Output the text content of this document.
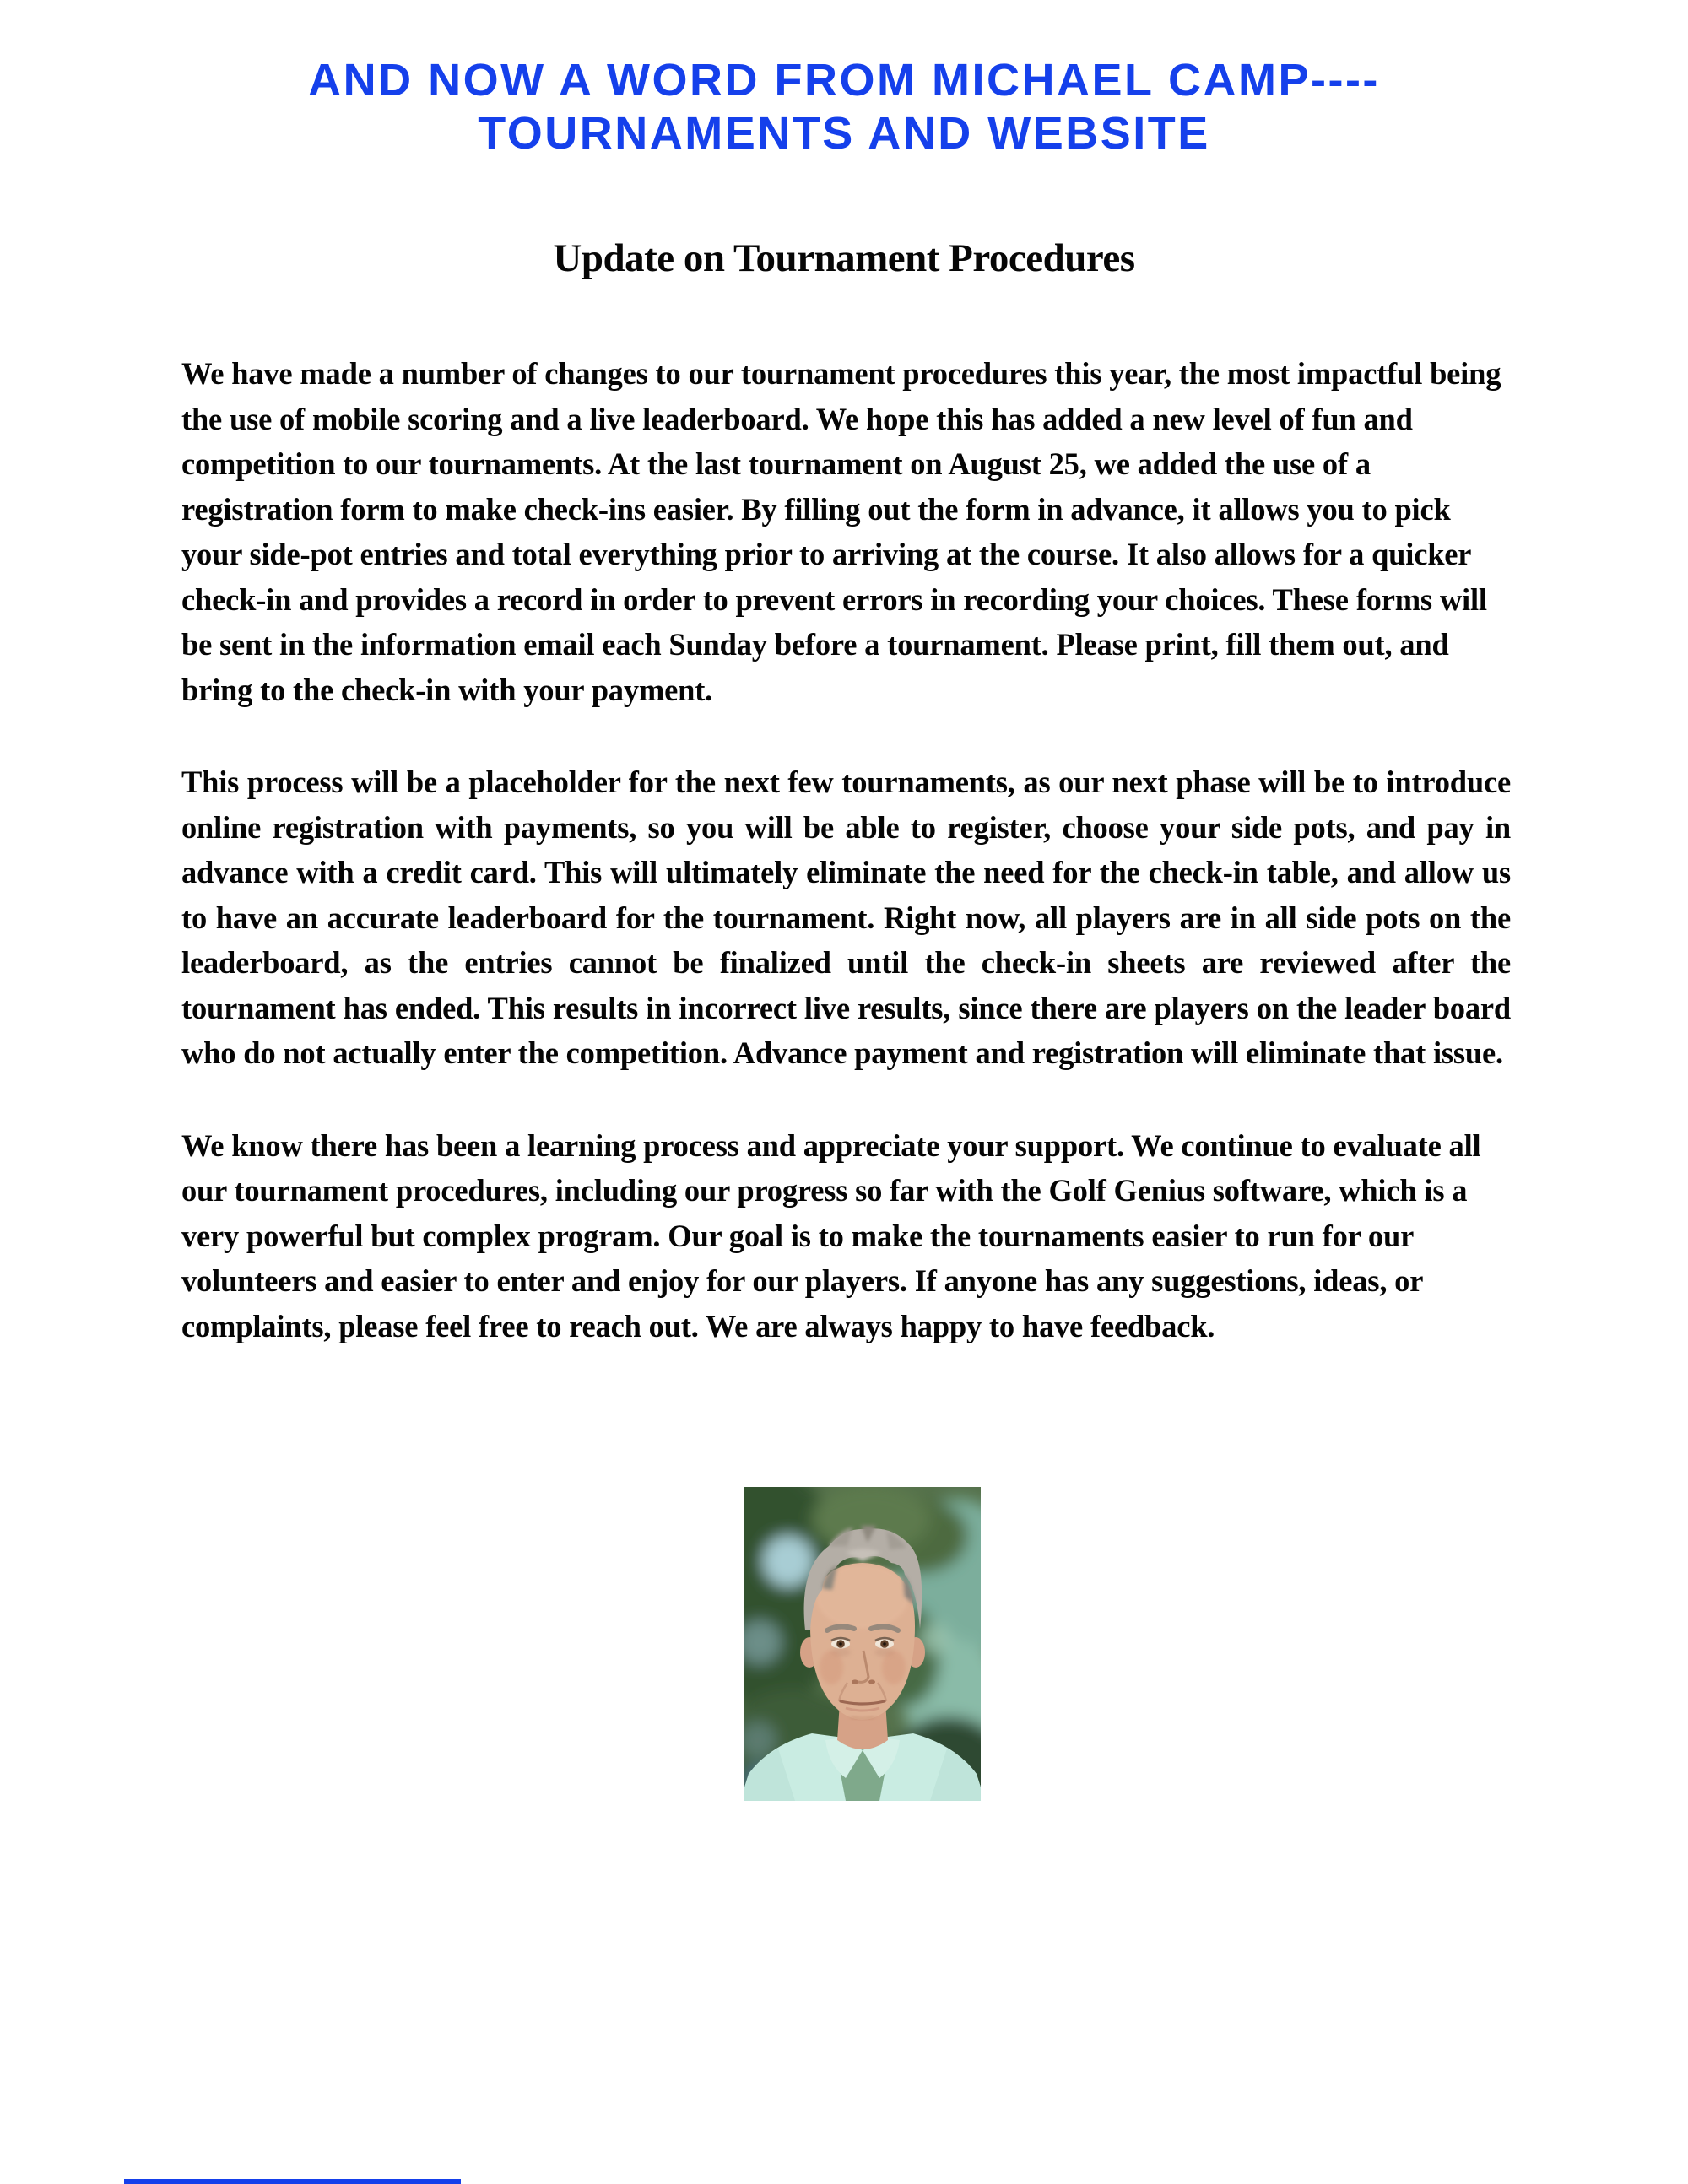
AND NOW A WORD FROM MICHAEL CAMP----
TOURNAMENTS AND WEBSITE
Update on Tournament Procedures

We have made a number of changes to our tournament procedures this year, the most impactful being the use of mobile scoring and a live leaderboard. We hope this has added a new level of fun and competition to our tournaments. At the last tournament on August 25, we added the use of a registration form to make check-ins easier. By filling out the form in advance, it allows you to pick your side-pot entries and total everything prior to arriving at the course. It also allows for a quicker check-in and provides a record in order to prevent errors in recording your choices. These forms will be sent in the information email each Sunday before a tournament. Please print, fill them out, and bring to the check-in with your payment.

This process will be a placeholder for the next few tournaments, as our next phase will be to introduce online registration with payments, so you will be able to register, choose your side pots, and pay in advance with a credit card. This will ultimately eliminate the need for the check-in table, and allow us to have an accurate leaderboard for the tournament. Right now, all players are in all side pots on the leaderboard, as the entries cannot be finalized until the check-in sheets are reviewed after the tournament has ended. This results in incorrect live results, since there are players on the leader board who do not actually enter the competition. Advance payment and registration will eliminate that issue.

We know there has been a learning process and appreciate your support. We continue to evaluate all our tournament procedures, including our progress so far with the Golf Genius software, which is a very powerful but complex program. Our goal is to make the tournaments easier to run for our volunteers and easier to enter and enjoy for our players. If anyone has any suggestions, ideas, or complaints, please feel free to reach out. We are always happy to have feedback.
